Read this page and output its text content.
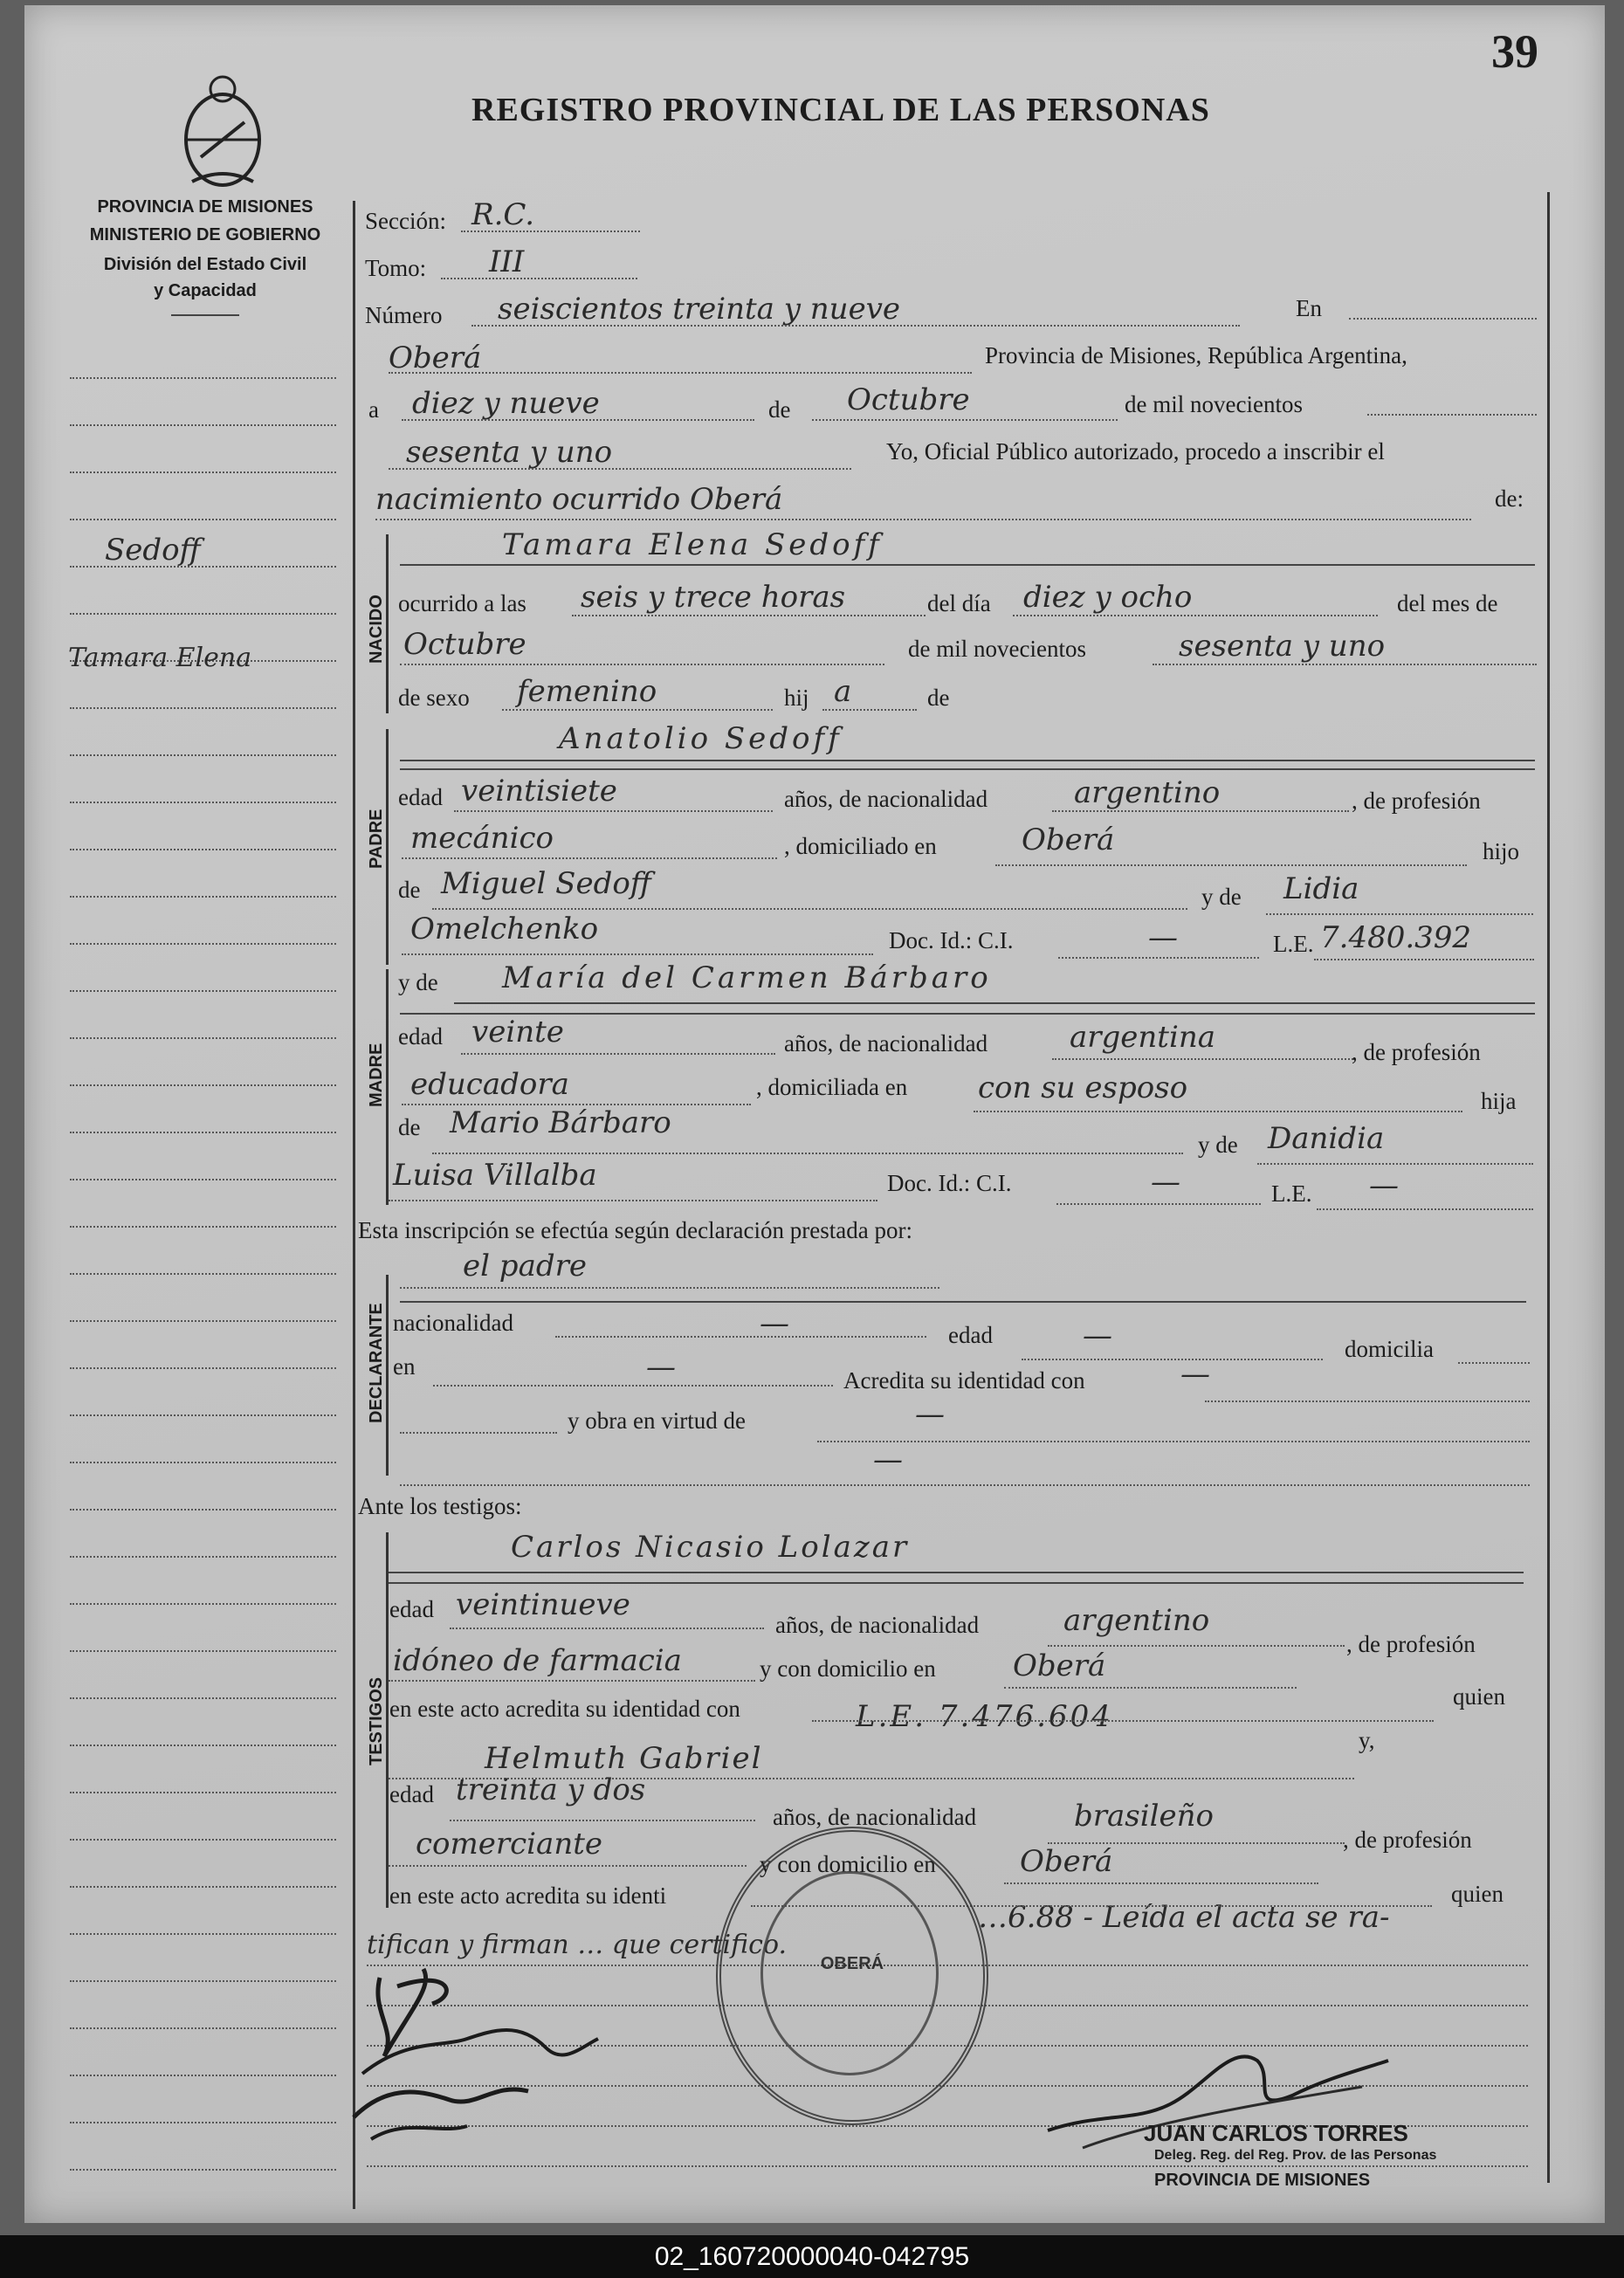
39
REGISTRO PROVINCIAL DE LAS PERSONAS
PROVINCIA DE MISIONES
MINISTERIO DE GOBIERNO
División del Estado Civil
y Capacidad
Sedoff
Tamara Elena	NACIDO
PADRE
MADRE
DECLARANTE
TESTIGOS
Sección: R.C.
Tomo: III
Número seiscientos treinta y nueve	En
Oberá	Provincia de Misiones, República Argentina,
a diez y nueve	de Octubre	de mil novecientos
sesenta y uno	Yo, Oficial Público autorizado, procedo a inscribir el
nacimiento ocurrido Oberá	de:
Tamara Elena Sedoff
ocurrido a las seis y trece horas	del día diez y ocho	del mes de
Octubre	de mil novecientos	sesenta y uno
de sexo femenino	hij a	de
Anatolio Sedoff
edad veintisiete	años, de nacionalidad	argentino	, de profesión
mecánico	, domiciliado en	Oberá	hijo
de Miguel Sedoff	y de Lidia
Omelchenko	Doc. Id.: C.I.	—	L.E. 7.480.392
y de María del Carmen Bárbaro
edad veinte	años, de nacionalidad	argentina	, de profesión
educadora	, domiciliada en con su esposo	hija
de Mario Bárbaro
y de Danidia
Luisa Villalba	Doc. Id.: C.I.	—	L.E. —
Esta inscripción se efectúa según declaración prestada por:
el padre
nacionalidad	—	edad	—	domicilia
en	—	Acredita su identidad con	—
y obra en virtud de	—
—
Ante los testigos:
Carlos Nicasio Lolazar
edad veintinueve
años, de nacionalidad	argentino
, de profesión
idóneo de farmacia	y con domicilio en	Oberá
en este acto acredita su identidad con	L.E. 7.476.604
quien
Helmuth Gabriel
y,
edad treinta y dos
años, de nacionalidad	brasileño
, de profesión
comerciante
y con domicilio en	Oberá
en este acto acredita su identi
…6.88 - Leída el acta se ra-
quien
tifican y firman … que certifico.
OBERÁ
JUAN CARLOS TORRES
Deleg. Reg. del Reg. Prov. de las Personas
PROVINCIA DE MISIONES
02_160720000040-042795
